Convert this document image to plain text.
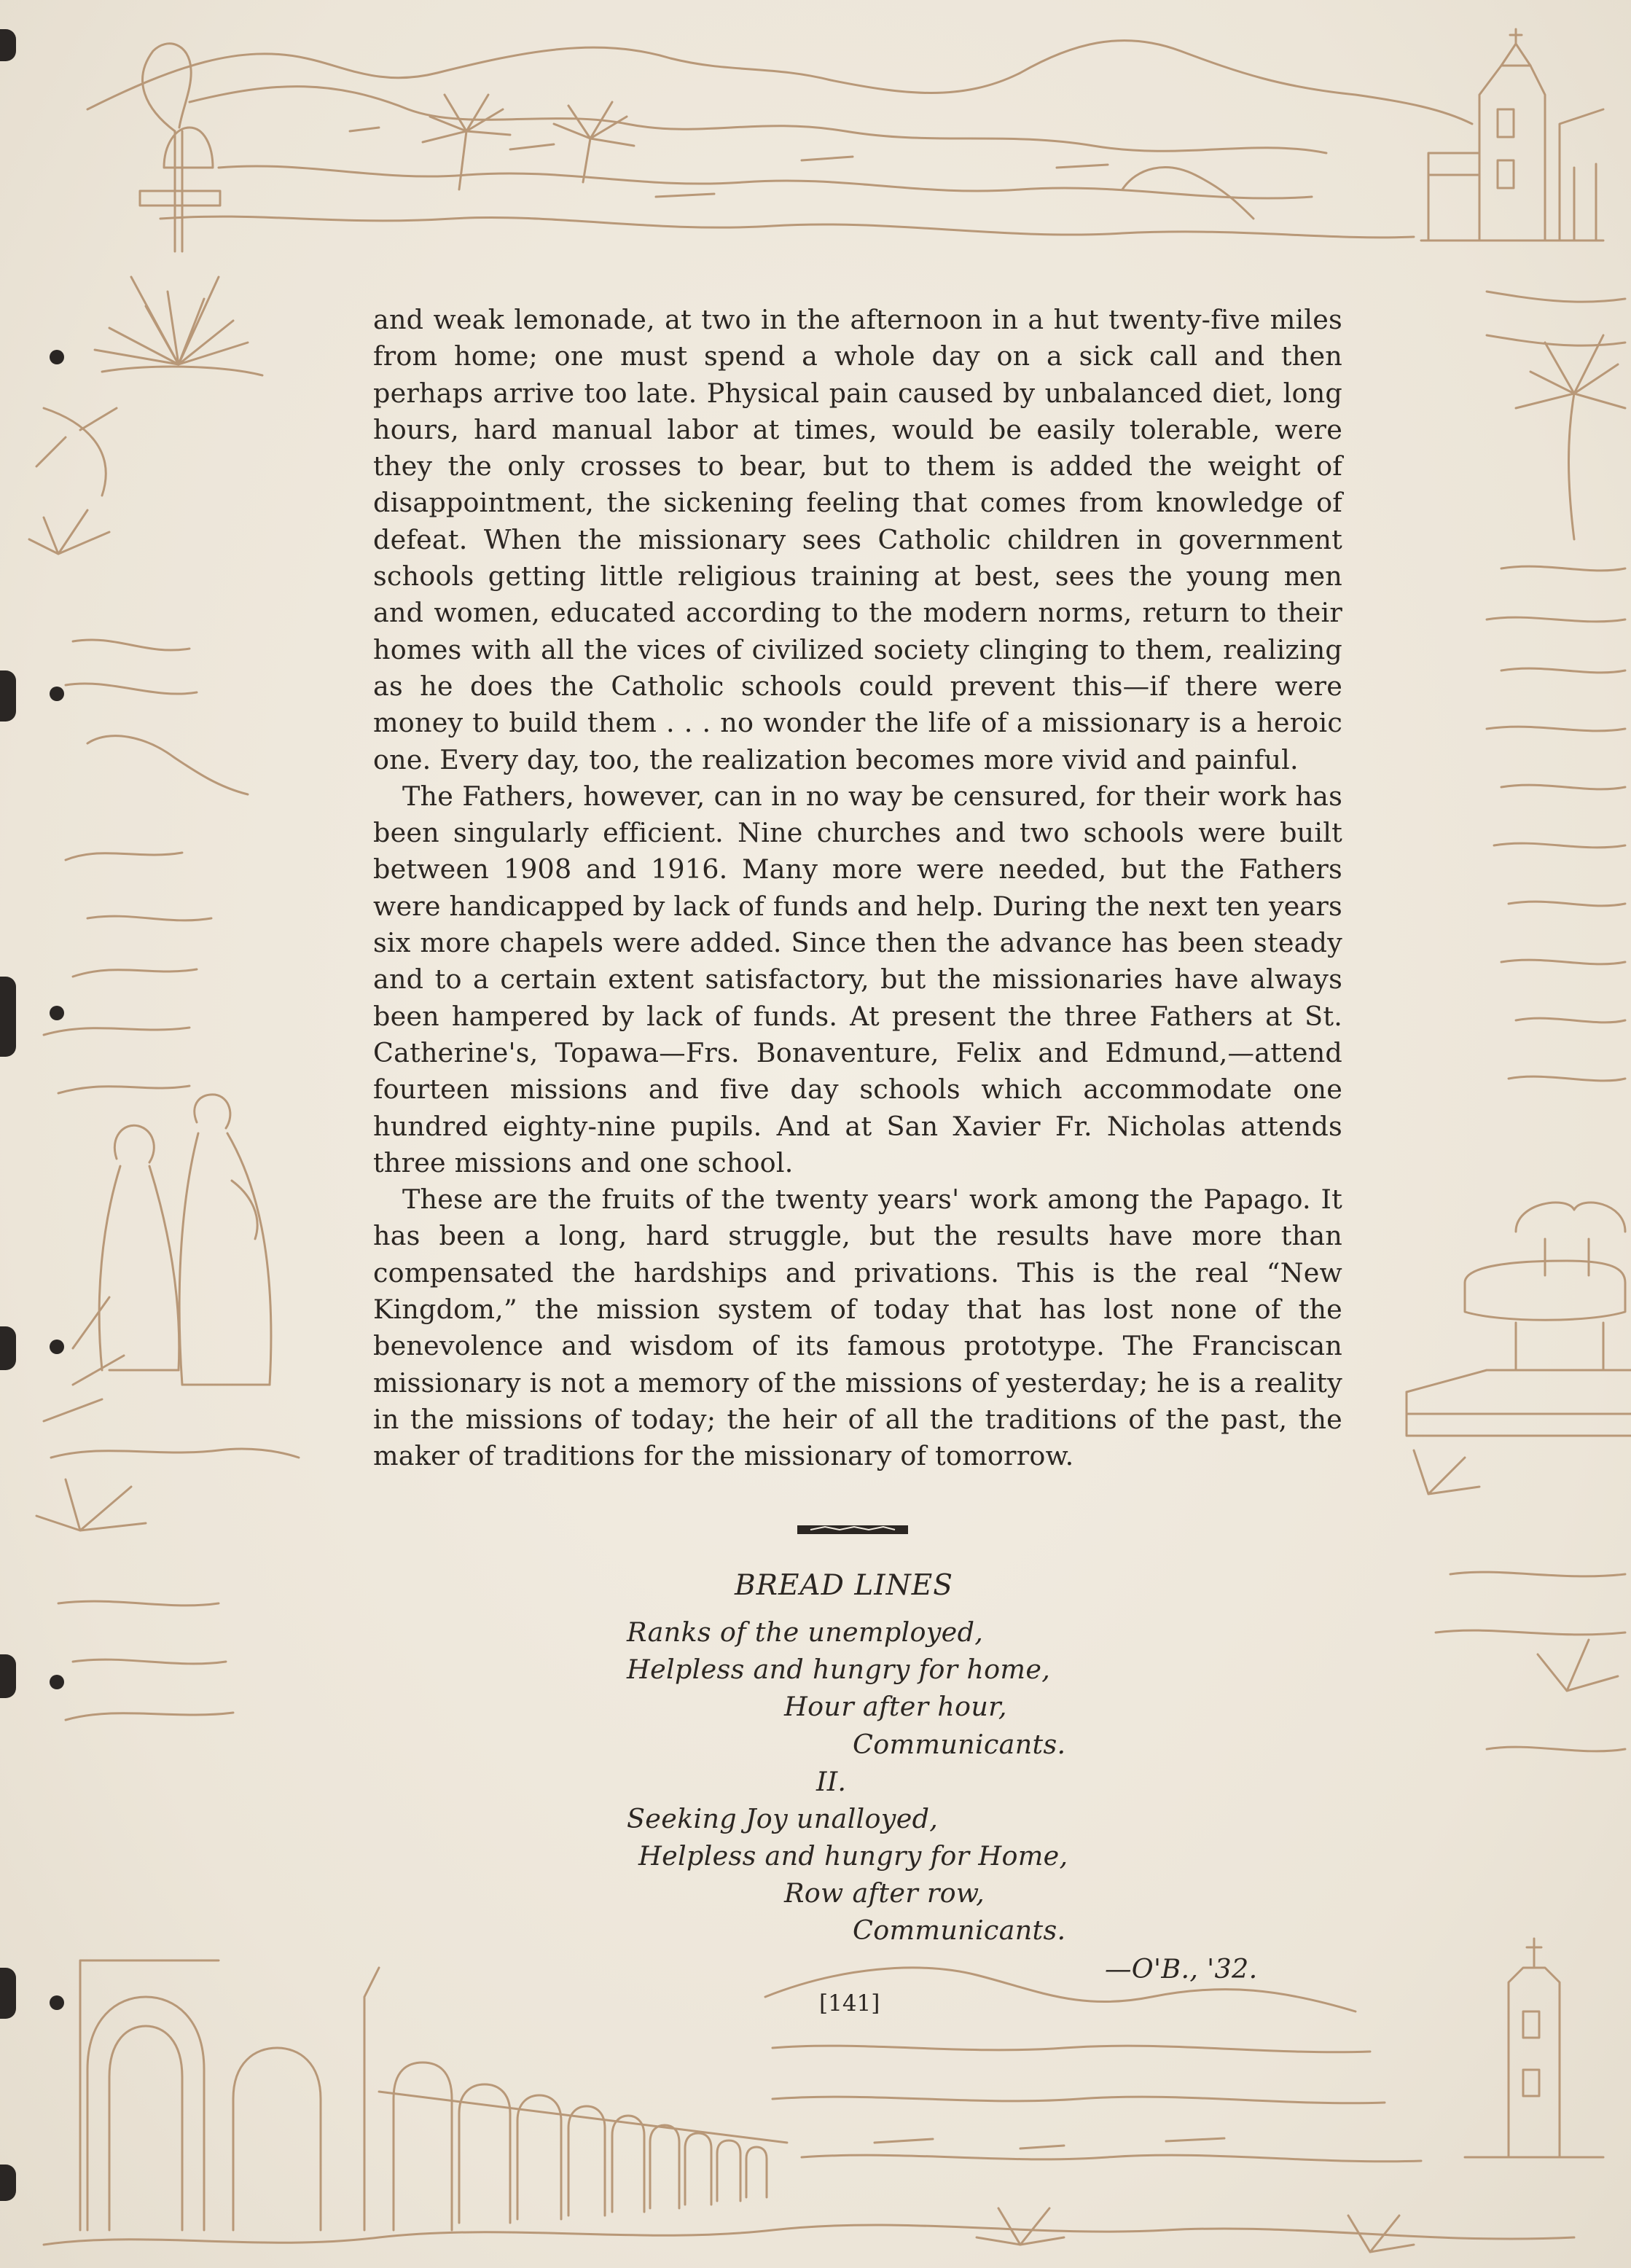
and weak lemonade, at two in the afternoon in a hut twenty-five miles from home; one must spend a whole day on a sick call and then perhaps arrive too late. Physical pain caused by unbalanced diet, long hours, hard manual labor at times, would be easily tolerable, were they the only crosses to bear, but to them is added the weight of disappointment, the sickening feeling that comes from knowledge of defeat. When the missionary sees Catholic children in government schools getting little religious training at best, sees the young men and women, educated according to the modern norms, return to their homes with all the vices of civilized society clinging to them, realizing as he does the Catholic schools could prevent this—if there were money to build them . . . no wonder the life of a missionary is a heroic one. Every day, too, the realization becomes more vivid and painful.

The Fathers, however, can in no way be censured, for their work has been singularly efficient. Nine churches and two schools were built between 1908 and 1916. Many more were needed, but the Fathers were handicapped by lack of funds and help. During the next ten years six more chapels were added. Since then the advance has been steady and to a certain extent satisfactory, but the missionaries have always been hampered by lack of funds. At present the three Fathers at St. Catherine's, Topawa—Frs. Bonaventure, Felix and Edmund,—attend fourteen missions and five day schools which accommodate one hundred eighty-nine pupils. And at San Xavier Fr. Nicholas attends three missions and one school.

These are the fruits of the twenty years' work among the Papago. It has been a long, hard struggle, but the results have more than compensated the hardships and privations. This is the real “New Kingdom,” the mission system of today that has lost none of the benevolence and wisdom of its famous prototype. The Franciscan missionary is not a memory of the missions of yesterday; he is a reality in the missions of today; the heir of all the traditions of the past, the maker of traditions for the missionary of tomorrow.

BREAD LINES

Ranks of the unemployed,

Helpless and hungry for home,

Hour after hour,

Communicants.

II.

Seeking Joy unalloyed,

Helpless and hungry for Home,

Row after row,

Communicants.

—O'B., '32.

[141]
